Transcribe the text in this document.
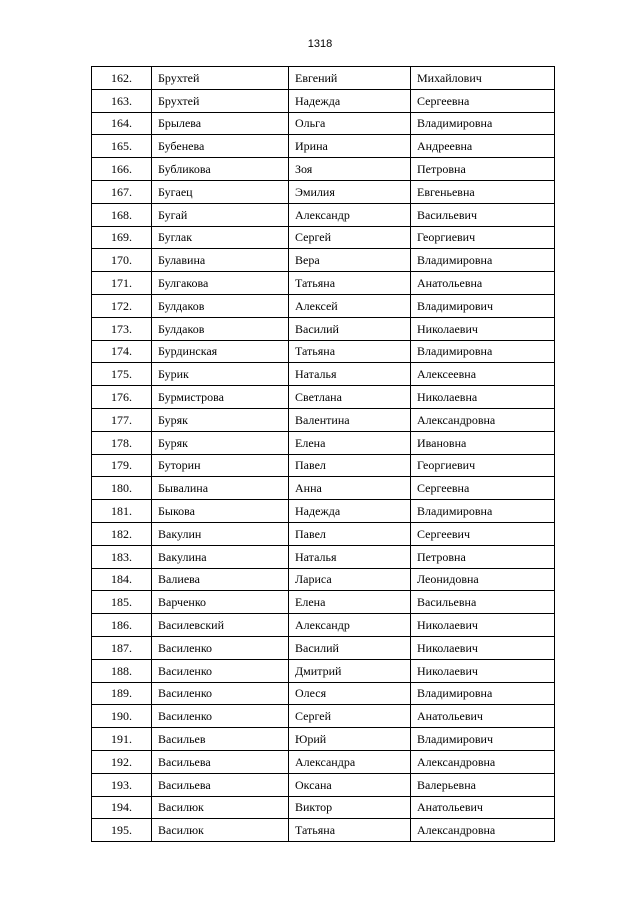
1318
162.	Брухтей	Евгений	Михайлович
163.	Брухтей	Надежда	Сергеевна
164.	Брылева	Ольга	Владимировна
165.	Бубенева	Ирина	Андреевна
166.	Бубликова	Зоя	Петровна
167.	Бугаец	Эмилия	Евгеньевна
168.	Бугай	Александр	Васильевич
169.	Буглак	Сергей	Георгиевич
170.	Булавина	Вера	Владимировна
171.	Булгакова	Татьяна	Анатольевна
172.	Булдаков	Алексей	Владимирович
173.	Булдаков	Василий	Николаевич
174.	Бурдинская	Татьяна	Владимировна
175.	Бурик	Наталья	Алексеевна
176.	Бурмистрова	Светлана	Николаевна
177.	Буряк	Валентина	Александровна
178.	Буряк	Елена	Ивановна
179.	Буторин	Павел	Георгиевич
180.	Бывалина	Анна	Сергеевна
181.	Быкова	Надежда	Владимировна
182.	Вакулин	Павел	Сергеевич
183.	Вакулина	Наталья	Петровна
184.	Валиева	Лариса	Леонидовна
185.	Варченко	Елена	Васильевна
186.	Василевский	Александр	Николаевич
187.	Василенко	Василий	Николаевич
188.	Василенко	Дмитрий	Николаевич
189.	Василенко	Олеся	Владимировна
190.	Василенко	Сергей	Анатольевич
191.	Васильев	Юрий	Владимирович
192.	Васильева	Александра	Александровна
193.	Васильева	Оксана	Валерьевна
194.	Василюк	Виктор	Анатольевич
195.	Василюк	Татьяна	Александровна
